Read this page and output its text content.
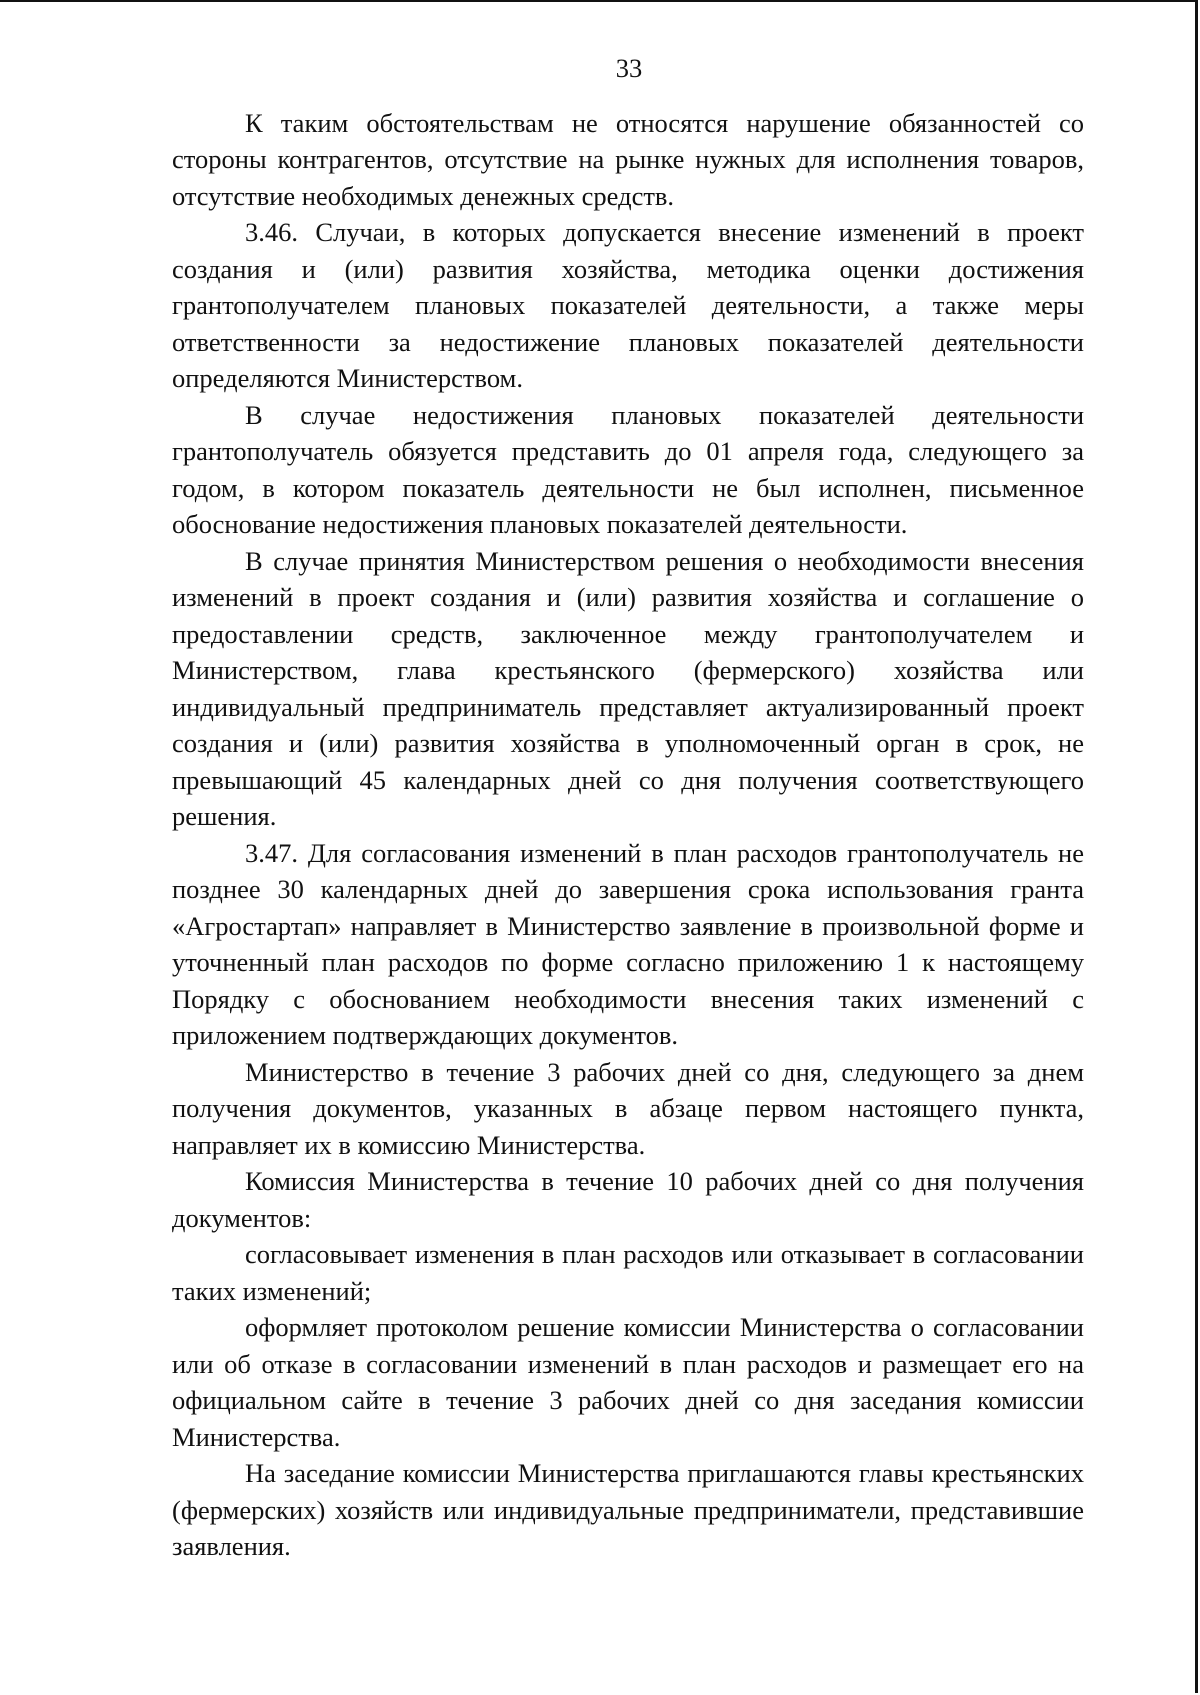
33

К таким обстоятельствам не относятся нарушение обязанностей со стороны контрагентов, отсутствие на рынке нужных для исполнения товаров, отсутствие необходимых денежных средств.

3.46. Случаи, в которых допускается внесение изменений в проект создания и (или) развития хозяйства, методика оценки достижения грантополучателем плановых показателей деятельности, а также меры ответственности за недостижение плановых показателей деятельности определяются Министерством.

В случае недостижения плановых показателей деятельности грантополучатель обязуется представить до 01 апреля года, следующего за годом, в котором показатель деятельности не был исполнен, письменное обоснование недостижения плановых показателей деятельности.

В случае принятия Министерством решения о необходимости внесения изменений в проект создания и (или) развития хозяйства и соглашение о предоставлении средств, заключенное между грантополучателем и Министерством, глава крестьянского (фермерского) хозяйства или индивидуальный предприниматель представляет актуализированный проект создания и (или) развития хозяйства в уполномоченный орган в срок, не превышающий 45 календарных дней со дня получения соответствующего решения.

3.47. Для согласования изменений в план расходов грантополучатель не позднее 30 календарных дней до завершения срока использования гранта «Агростартап» направляет в Министерство заявление в произвольной форме и уточненный план расходов по форме согласно приложению 1 к настоящему Порядку с обоснованием необходимости внесения таких изменений с приложением подтверждающих документов.

Министерство в течение 3 рабочих дней со дня, следующего за днем получения документов, указанных в абзаце первом настоящего пункта, направляет их в комиссию Министерства.

Комиссия Министерства в течение 10 рабочих дней со дня получения документов:

согласовывает изменения в план расходов или отказывает в согласовании таких изменений;

оформляет протоколом решение комиссии Министерства о согласовании или об отказе в согласовании изменений в план расходов и размещает его на официальном сайте в течение 3 рабочих дней со дня заседания комиссии Министерства.

На заседание комиссии Министерства приглашаются главы крестьянских (фермерских) хозяйств или индивидуальные предприниматели, представившие заявления.
